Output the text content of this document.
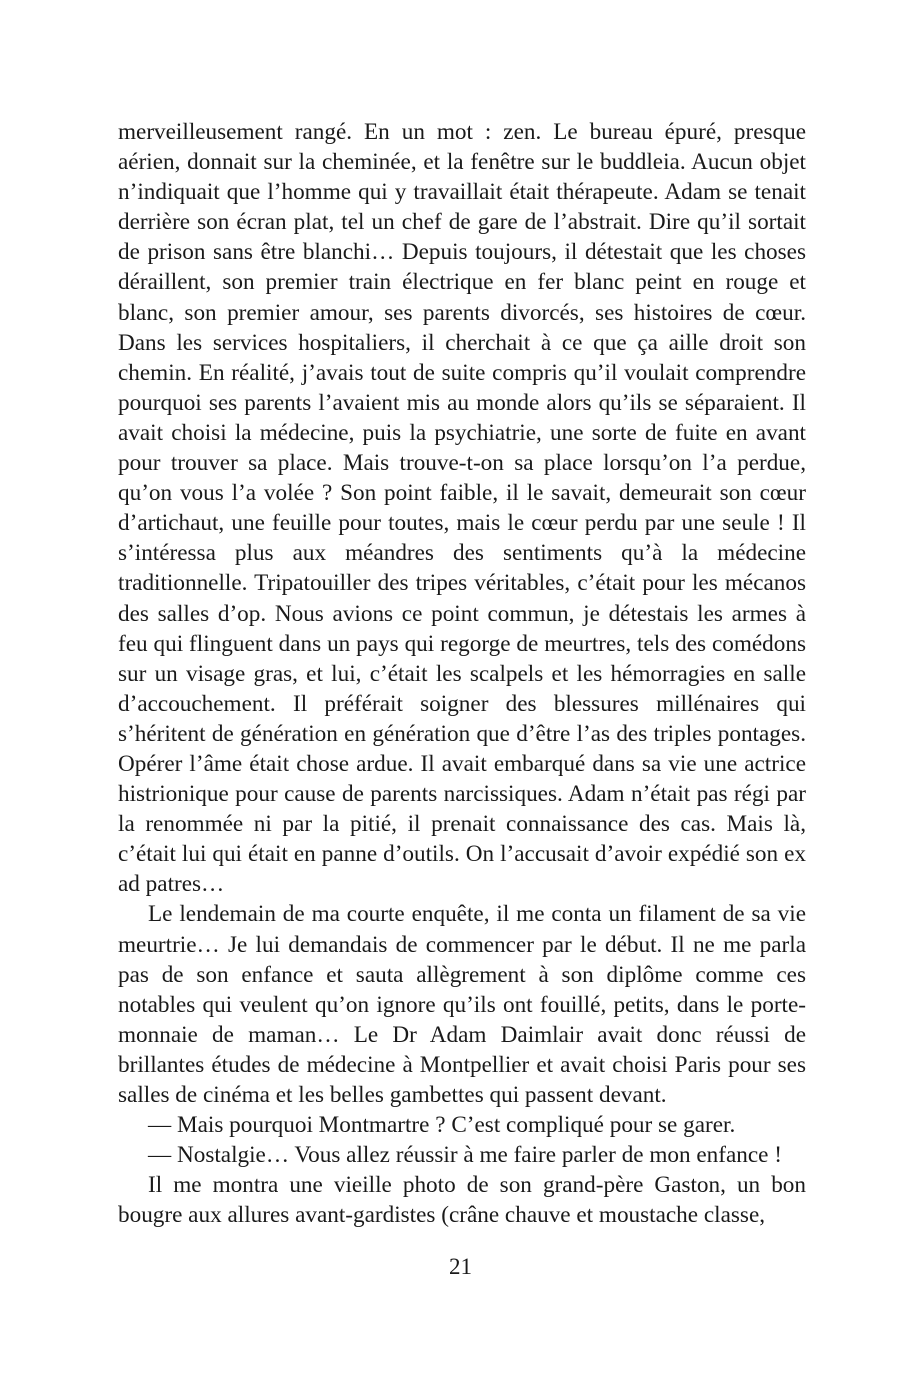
merveilleusement rangé. En un mot : zen. Le bureau épuré, presque aérien, donnait sur la cheminée, et la fenêtre sur le buddleia. Aucun objet n’indiquait que l’homme qui y travaillait était thérapeute. Adam se tenait derrière son écran plat, tel un chef de gare de l’abstrait. Dire qu’il sortait de prison sans être blanchi… Depuis toujours, il détestait que les choses déraillent, son premier train électrique en fer blanc peint en rouge et blanc, son premier amour, ses parents divorcés, ses histoires de cœur. Dans les services hospitaliers, il cherchait à ce que ça aille droit son chemin. En réalité, j’avais tout de suite compris qu’il voulait comprendre pourquoi ses parents l’avaient mis au monde alors qu’ils se séparaient. Il avait choisi la médecine, puis la psychiatrie, une sorte de fuite en avant pour trouver sa place. Mais trouve-t-on sa place lorsqu’on l’a perdue, qu’on vous l’a volée ? Son point faible, il le savait, demeurait son cœur d’artichaut, une feuille pour toutes, mais le cœur perdu par une seule ! Il s’intéressa plus aux méandres des sentiments qu’à la médecine traditionnelle. Tripatouiller des tripes véritables, c’était pour les mécanos des salles d’op. Nous avions ce point commun, je détestais les armes à feu qui flinguent dans un pays qui regorge de meurtres, tels des comédons sur un visage gras, et lui, c’était les scalpels et les hémorragies en salle d’accouchement. Il préférait soigner des blessures millénaires qui s’héritent de génération en génération que d’être l’as des triples pontages. Opérer l’âme était chose ardue. Il avait embarqué dans sa vie une actrice histrionique pour cause de parents narcissiques. Adam n’était pas régi par la renommée ni par la pitié, il prenait connaissance des cas. Mais là, c’était lui qui était en panne d’outils. On l’accusait d’avoir expédié son ex ad patres…

Le lendemain de ma courte enquête, il me conta un filament de sa vie meurtrie… Je lui demandais de commencer par le début. Il ne me parla pas de son enfance et sauta allègrement à son diplôme comme ces notables qui veulent qu’on ignore qu’ils ont fouillé, petits, dans le porte-monnaie de maman… Le Dr Adam Daimlair avait donc réussi de brillantes études de médecine à Montpellier et avait choisi Paris pour ses salles de cinéma et les belles gambettes qui passent devant.

— Mais pourquoi Montmartre ? C’est compliqué pour se garer.

— Nostalgie… Vous allez réussir à me faire parler de mon enfance !

Il me montra une vieille photo de son grand-père Gaston, un bon bougre aux allures avant-gardistes (crâne chauve et moustache classe,

21
